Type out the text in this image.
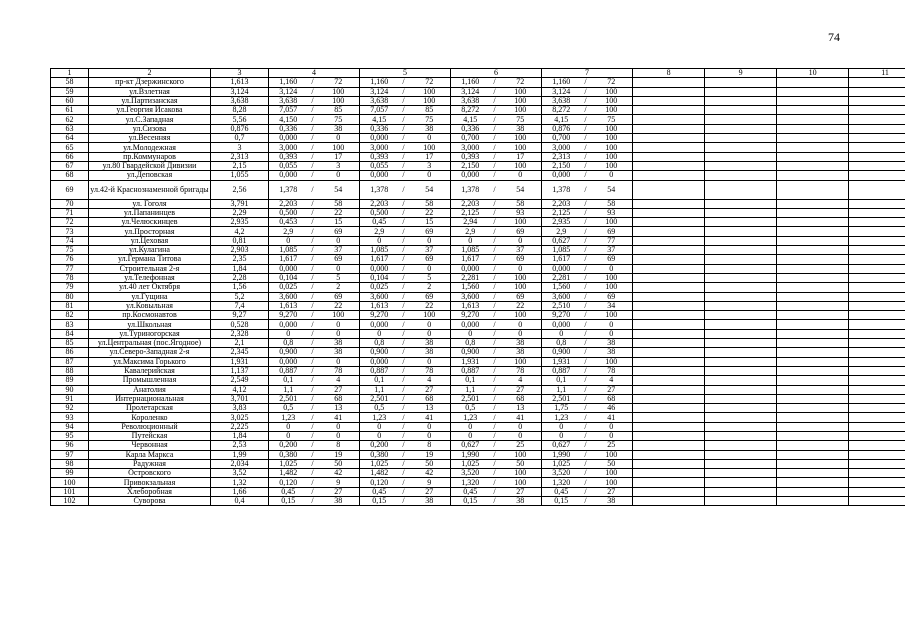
74
1	2	3	4			5			6			7			8	9	10	11
58	пр-кт Дзержинского	1,613	1,160	/	72	1,160	/	72	1,160	/	72	1,160	/	72				
59	ул.Взлетная	3,124	3,124	/	100	3,124	/	100	3,124	/	100	3,124	/	100				
60	ул.Партизанская	3,638	3,638	/	100	3,638	/	100	3,638	/	100	3,638	/	100				
61	ул.Георгия Исакова	8,28	7,057	/	85	7,057	/	85	8,272	/	100	8,272	/	100				
62	ул.С.Западная	5,56	4,150	/	75	4,15	/	75	4,15	/	75	4,15	/	75				
63	ул.Сизова	0,876	0,336	/	38	0,336	/	38	0,336	/	38	0,876	/	100				
64	ул.Весенняя	0,7	0,000	/	0	0,000	/	0	0,700	/	100	0,700	/	100				
65	ул.Молодежная	3	3,000	/	100	3,000	/	100	3,000	/	100	3,000	/	100				
66	пр.Коммунаров	2,313	0,393	/	17	0,393	/	17	0,393	/	17	2,313	/	100				
67	ул.80 Гвардейской Дивизии	2,15	0,055	/	3	0,055	/	3	2,150	/	100	2,150	/	100				
68	ул.Деповская	1,055	0,000	/	0	0,000	/	0	0,000	/	0	0,000	/	0				
69	ул.42-й Краснознаменной бригады	2,56	1,378	/	54	1,378	/	54	1,378	/	54	1,378	/	54				
70	ул. Гоголя	3,791	2,203	/	58	2,203	/	58	2,203	/	58	2,203	/	58				
71	ул.Папанинцев	2,29	0,500	/	22	0,500	/	22	2,125	/	93	2,125	/	93				
72	ул.Челюскинцев	2,935	0,453	/	15	0,45	/	15	2,94	/	100	2,935	/	100				
73	ул.Просторная	4,2	2,9	/	69	2,9	/	69	2,9	/	69	2,9	/	69				
74	ул.Цеховая	0,81	0	/	0	0	/	0	0	/	0	0,627	/	77				
75	ул.Кулагина	2,903	1,085	/	37	1,085	/	37	1,085	/	37	1,085	/	37				
76	ул.Германа Титова	2,35	1,617	/	69	1,617	/	69	1,617	/	69	1,617	/	69				
77	Строительная 2-я	1,84	0,000	/	0	0,000	/	0	0,000	/	0	0,000	/	0				
78	ул.Телефонная	2,28	0,104	/	5	0,104	/	5	2,281	/	100	2,281	/	100				
79	ул.40 лет Октября	1,56	0,025	/	2	0,025	/	2	1,560	/	100	1,560	/	100				
80	ул.Гущина	5,2	3,600	/	69	3,600	/	69	3,600	/	69	3,600	/	69				
81	ул.Ковыльная	7,4	1,613	/	22	1,613	/	22	1,613	/	22	2,510	/	34				
82	пр.Космонавтов	9,27	9,270	/	100	9,270	/	100	9,270	/	100	9,270	/	100				
83	ул.Школьная	0,528	0,000	/	0	0,000	/	0	0,000	/	0	0,000	/	0				
84	ул.Туриногорская	2,328	0	/	0	0	/	0	0	/	0	0	/	0				
85	ул.Центральная (пос.Ягодное)	2,1	0,8	/	38	0,8	/	38	0,8	/	38	0,8	/	38				
86	ул.Северо-Западная 2-я	2,345	0,900	/	38	0,900	/	38	0,900	/	38	0,900	/	38				
87	ул.Максима Горького	1,931	0,000	/	0	0,000	/	0	1,931	/	100	1,931	/	100				
88	Кавалерийская	1,137	0,887	/	78	0,887	/	78	0,887	/	78	0,887	/	78				
89	Промышленная	2,549	0,1	/	4	0,1	/	4	0,1	/	4	0,1	/	4				
90	Анатолия	4,12	1,1	/	27	1,1	/	27	1,1	/	27	1,1	/	27				
91	Интернациональная	3,701	2,501	/	68	2,501	/	68	2,501	/	68	2,501	/	68				
92	Пролетарская	3,83	0,5	/	13	0,5	/	13	0,5	/	13	1,75	/	46				
93	Короленко	3,025	1,23	/	41	1,23	/	41	1,23	/	41	1,23	/	41				
94	Революционный	2,225	0	/	0	0	/	0	0	/	0	0	/	0				
95	Путейская	1,84	0	/	0	0	/	0	0	/	0	0	/	0				
96	Червонная	2,53	0,200	/	8	0,200	/	8	0,627	/	25	0,627	/	25				
97	Карла Маркса	1,99	0,380	/	19	0,380	/	19	1,990	/	100	1,990	/	100				
98	Радужная	2,034	1,025	/	50	1,025	/	50	1,025	/	50	1,025	/	50				
99	Островского	3,52	1,482	/	42	1,482	/	42	3,520	/	100	3,520	/	100				
100	Привокзальная	1,32	0,120	/	9	0,120	/	9	1,320	/	100	1,320	/	100				
101	Хлеборобная	1,66	0,45	/	27	0,45	/	27	0,45	/	27	0,45	/	27				
102	Суворова	0,4	0,15	/	38	0,15	/	38	0,15	/	38	0,15	/	38				
